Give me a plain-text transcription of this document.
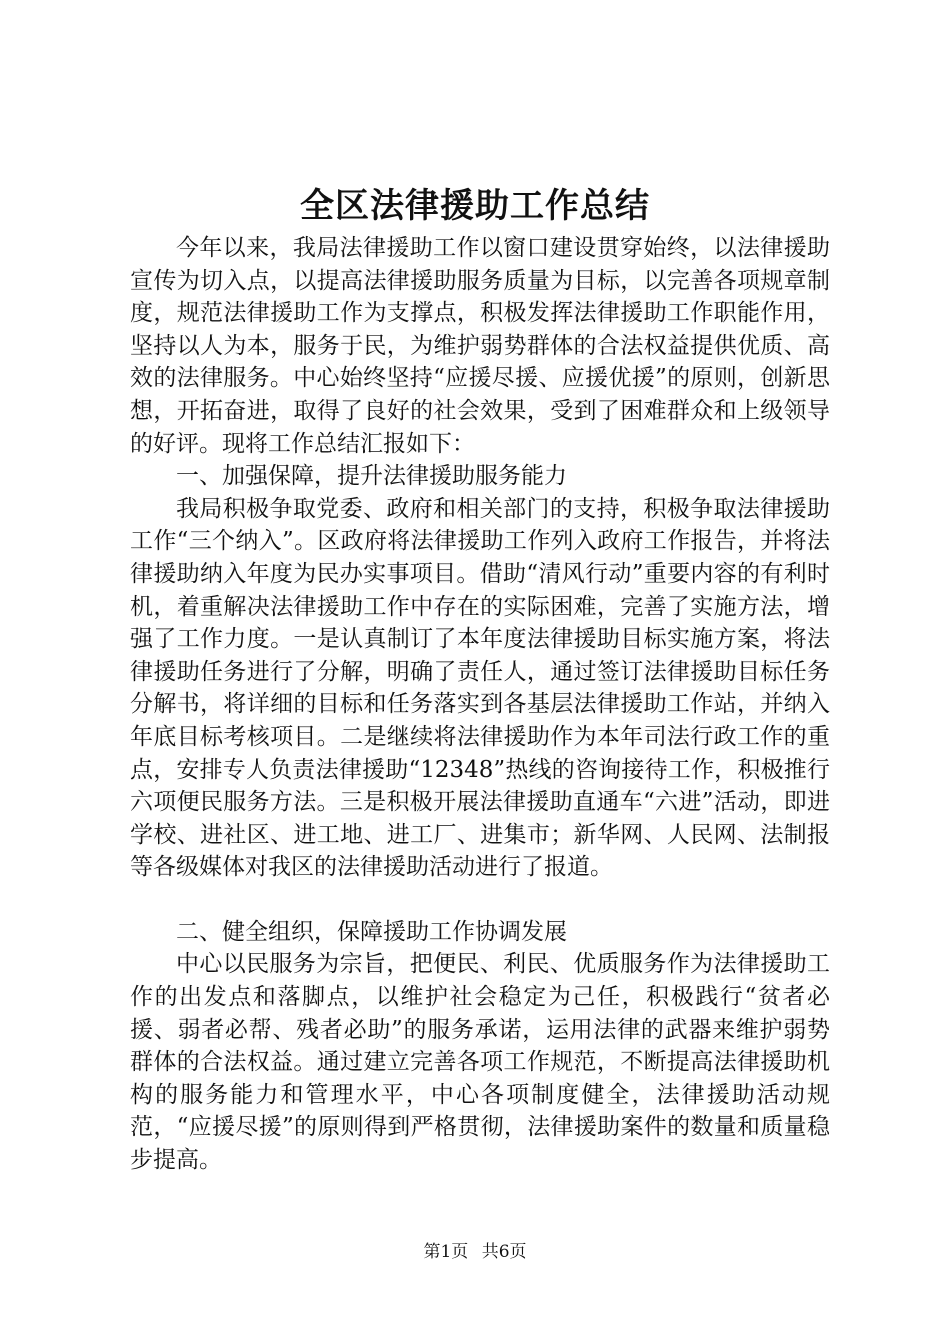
全区法律援助工作总结

今年以来，我局法律援助工作以窗口建设贯穿始终，以法律援助宣传为切入点，以提高法律援助服务质量为目标，以完善各项规章制度，规范法律援助工作为支撑点，积极发挥法律援助工作职能作用，坚持以人为本，服务于民，为维护弱势群体的合法权益提供优质、高效的法律服务。中心始终坚持“应援尽援、应援优援”的原则，创新思想，开拓奋进，取得了良好的社会效果，受到了困难群众和上级领导的好评。现将工作总结汇报如下：

一、加强保障，提升法律援助服务能力

我局积极争取党委、政府和相关部门的支持，积极争取法律援助工作“三个纳入”。区政府将法律援助工作列入政府工作报告，并将法律援助纳入年度为民办实事项目。借助“清风行动”重要内容的有利时机，着重解决法律援助工作中存在的实际困难，完善了实施方法，增强了工作力度。一是认真制订了本年度法律援助目标实施方案，将法律援助任务进行了分解，明确了责任人，通过签订法律援助目标任务分解书，将详细的目标和任务落实到各基层法律援助工作站，并纳入年底目标考核项目。二是继续将法律援助作为本年司法行政工作的重点，安排专人负责法律援助“12348”热线的咨询接待工作，积极推行六项便民服务方法。三是积极开展法律援助直通车“六进”活动，即进学校、进社区、进工地、进工厂、进集市；新华网、人民网、法制报等各级媒体对我区的法律援助活动进行了报道。

二、健全组织，保障援助工作协调发展

中心以民服务为宗旨，把便民、利民、优质服务作为法律援助工作的出发点和落脚点，以维护社会稳定为己任，积极践行“贫者必援、弱者必帮、残者必助”的服务承诺，运用法律的武器来维护弱势群体的合法权益。通过建立完善各项工作规范，不断提高法律援助机构的服务能力和管理水平，中心各项制度健全，法律援助活动规范，“应援尽援”的原则得到严格贯彻，法律援助案件的数量和质量稳步提高。

第1页 共6页
